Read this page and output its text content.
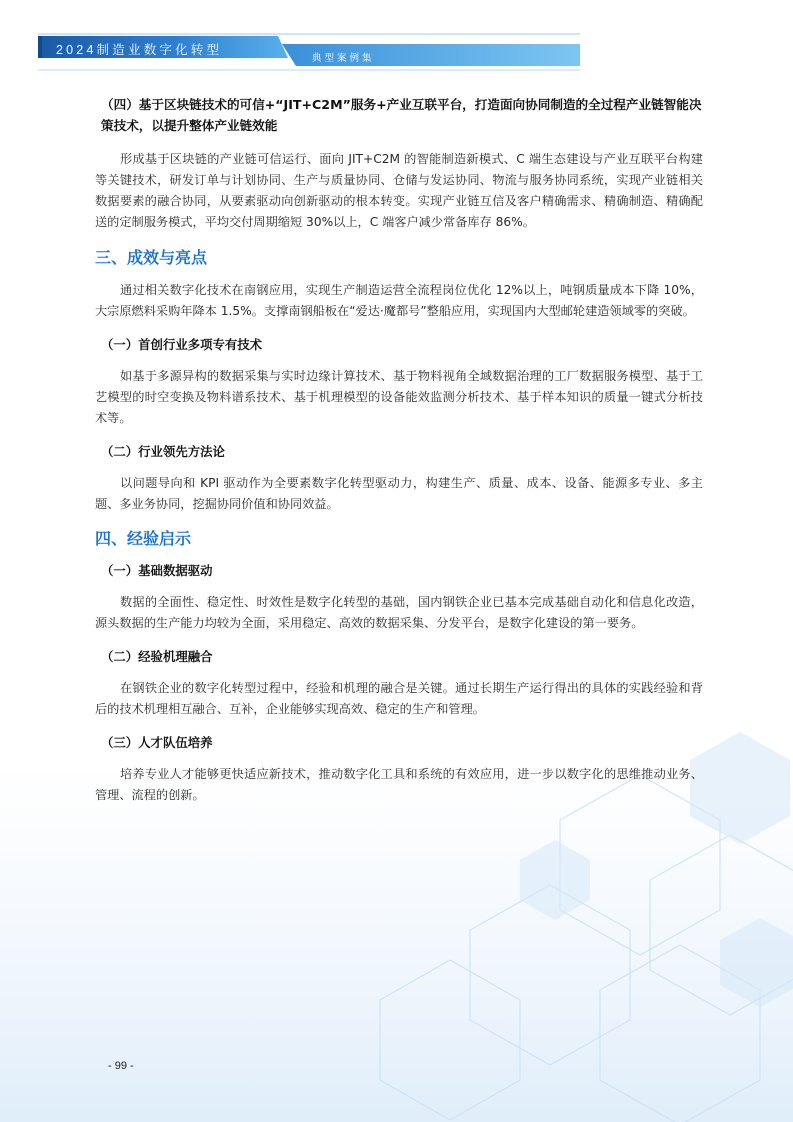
2024制造业数字化转型
典型案例集

（四）基于区块链技术的可信+“JIT+C2M”服务+产业互联平台，打造面向协同制造的全过程产业链智能决策技术，以提升整体产业链效能

形成基于区块链的产业链可信运行、面向 JIT+C2M 的智能制造新模式、C 端生态建设与产业互联平台构建等关键技术，研发订单与计划协同、生产与质量协同、仓储与发运协同、物流与服务协同系统，实现产业链相关数据要素的融合协同，从要素驱动向创新驱动的根本转变。实现产业链互信及客户精确需求、精确制造、精确配送的定制服务模式，平均交付周期缩短 30%以上，C 端客户减少常备库存 86%。

三、成效与亮点

通过相关数字化技术在南钢应用，实现生产制造运营全流程岗位优化 12%以上，吨钢质量成本下降 10%，大宗原燃料采购年降本 1.5%。支撑南钢船板在“爱达·魔都号”整船应用，实现国内大型邮轮建造领域零的突破。

（一）首创行业多项专有技术

如基于多源异构的数据采集与实时边缘计算技术、基于物料视角全域数据治理的工厂数据服务模型、基于工艺模型的时空变换及物料谱系技术、基于机理模型的设备能效监测分析技术、基于样本知识的质量一键式分析技术等。

（二）行业领先方法论

以问题导向和 KPI 驱动作为全要素数字化转型驱动力，构建生产、质量、成本、设备、能源多专业、多主题、多业务协同，挖掘协同价值和协同效益。

四、经验启示

（一）基础数据驱动

数据的全面性、稳定性、时效性是数字化转型的基础，国内钢铁企业已基本完成基础自动化和信息化改造，源头数据的生产能力均较为全面，采用稳定、高效的数据采集、分发平台，是数字化建设的第一要务。

（二）经验机理融合

在钢铁企业的数字化转型过程中，经验和机理的融合是关键。通过长期生产运行得出的具体的实践经验和背后的技术机理相互融合、互补，企业能够实现高效、稳定的生产和管理。

（三）人才队伍培养

培养专业人才能够更快适应新技术，推动数字化工具和系统的有效应用，进一步以数字化的思维推动业务、管理、流程的创新。

- 99 -
